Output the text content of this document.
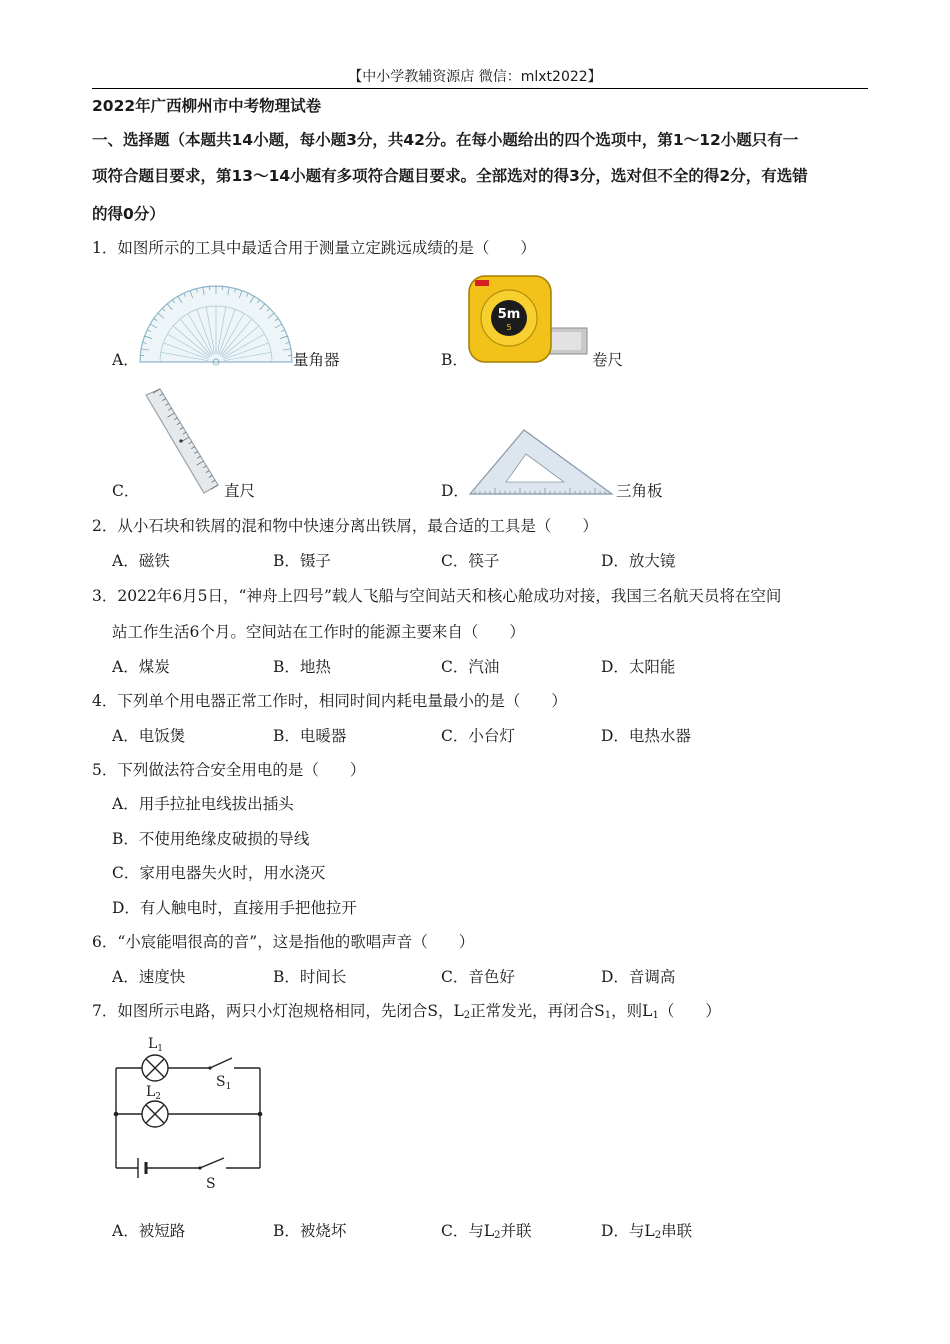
【中小学教辅资源店 微信：mlxt2022】
2022年广西柳州市中考物理试卷
一、选择题（本题共14小题，每小题3分，共42分。在每小题给出的四个选项中，第1～12小题只有一
项符合题目要求，第13～14小题有多项符合题目要求。全部选对的得3分，选对但不全的得2分，有选错
的得0分）
1．如图所示的工具中最适合用于测量立定跳远成绩的是（　　）
A．	量角器	B．
5m
5
卷尺
C．	直尺	D．	三角板
2．从小石块和铁屑的混和物中快速分离出铁屑，最合适的工具是（　　）
A．磁铁	B．镊子	C．筷子	D．放大镜
3．2022年6月5日，“神舟上四号”载人飞船与空间站天和核心舱成功对接，我国三名航天员将在空间
站工作生活6个月。空间站在工作时的能源主要来自（　　）
A．煤炭	B．地热	C．汽油	D．太阳能
4．下列单个用电器正常工作时，相同时间内耗电量最小的是（　　）
A．电饭煲	B．电暖器	C．小台灯	D．电热水器
5．下列做法符合安全用电的是（　　）
A．用手拉扯电线拔出插头
B．不使用绝缘皮破损的导线
C．家用电器失火时，用水浇灭
D．有人触电时，直接用手把他拉开
6．“小宸能唱很高的音”，这是指他的歌唱声音（　　）
A．速度快	B．时间长	C．音色好	D．音调高
7．如图所示电路，两只小灯泡规格相同，先闭合S，$L_2$正常发光，再闭合$S_1$，则$L_1$（　　）
$L_1$
$L_2$
$S_1$
S
A．被短路	B．被烧坏	C．与$L_2$并联	D．与$L_2$串联
